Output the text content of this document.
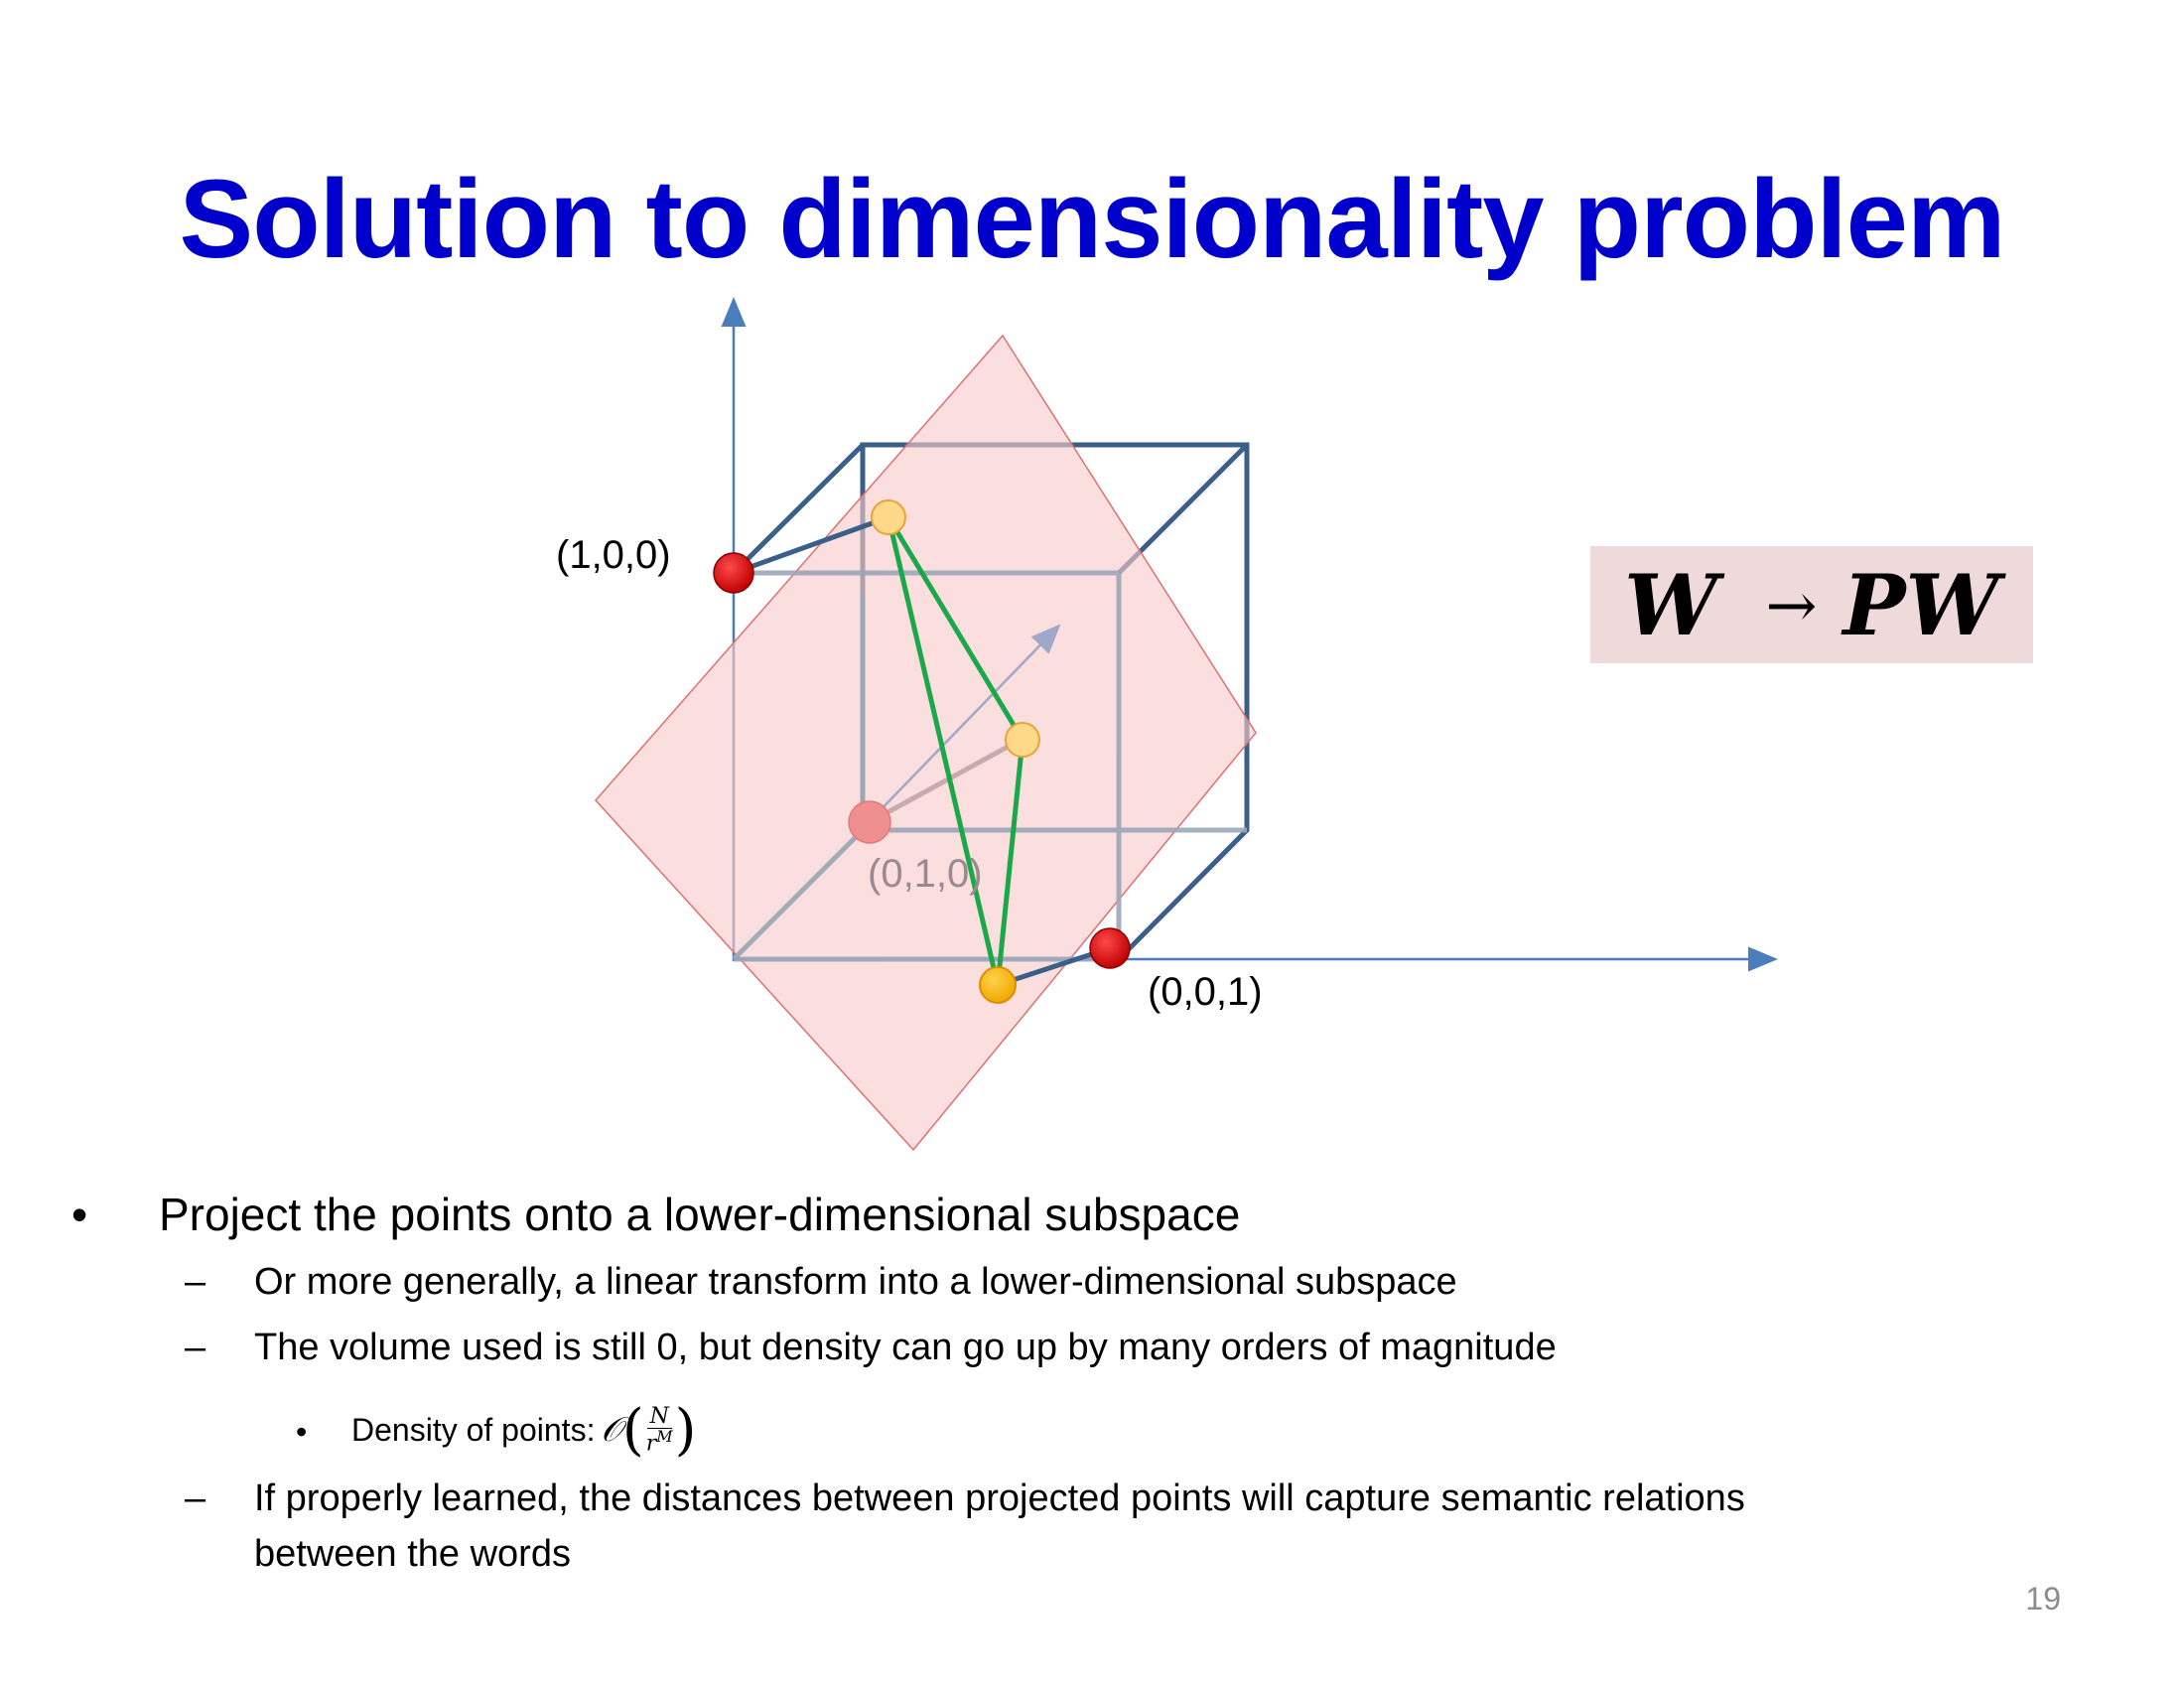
Solution to dimensionality problem
(1,0,0)
(0,1,0)
(0,0,1)
W → PW
• Project the points onto a lower-dimensional subspace
– Or more generally, a linear transform into a lower-dimensional subspace
– The volume used is still 0, but density can go up by many orders of magnitude
• Density of points: 𝒪 ( $\frac{N}{r^M}$ )
– If properly learned, the distances between projected points will capture semantic relations
between the words
19
